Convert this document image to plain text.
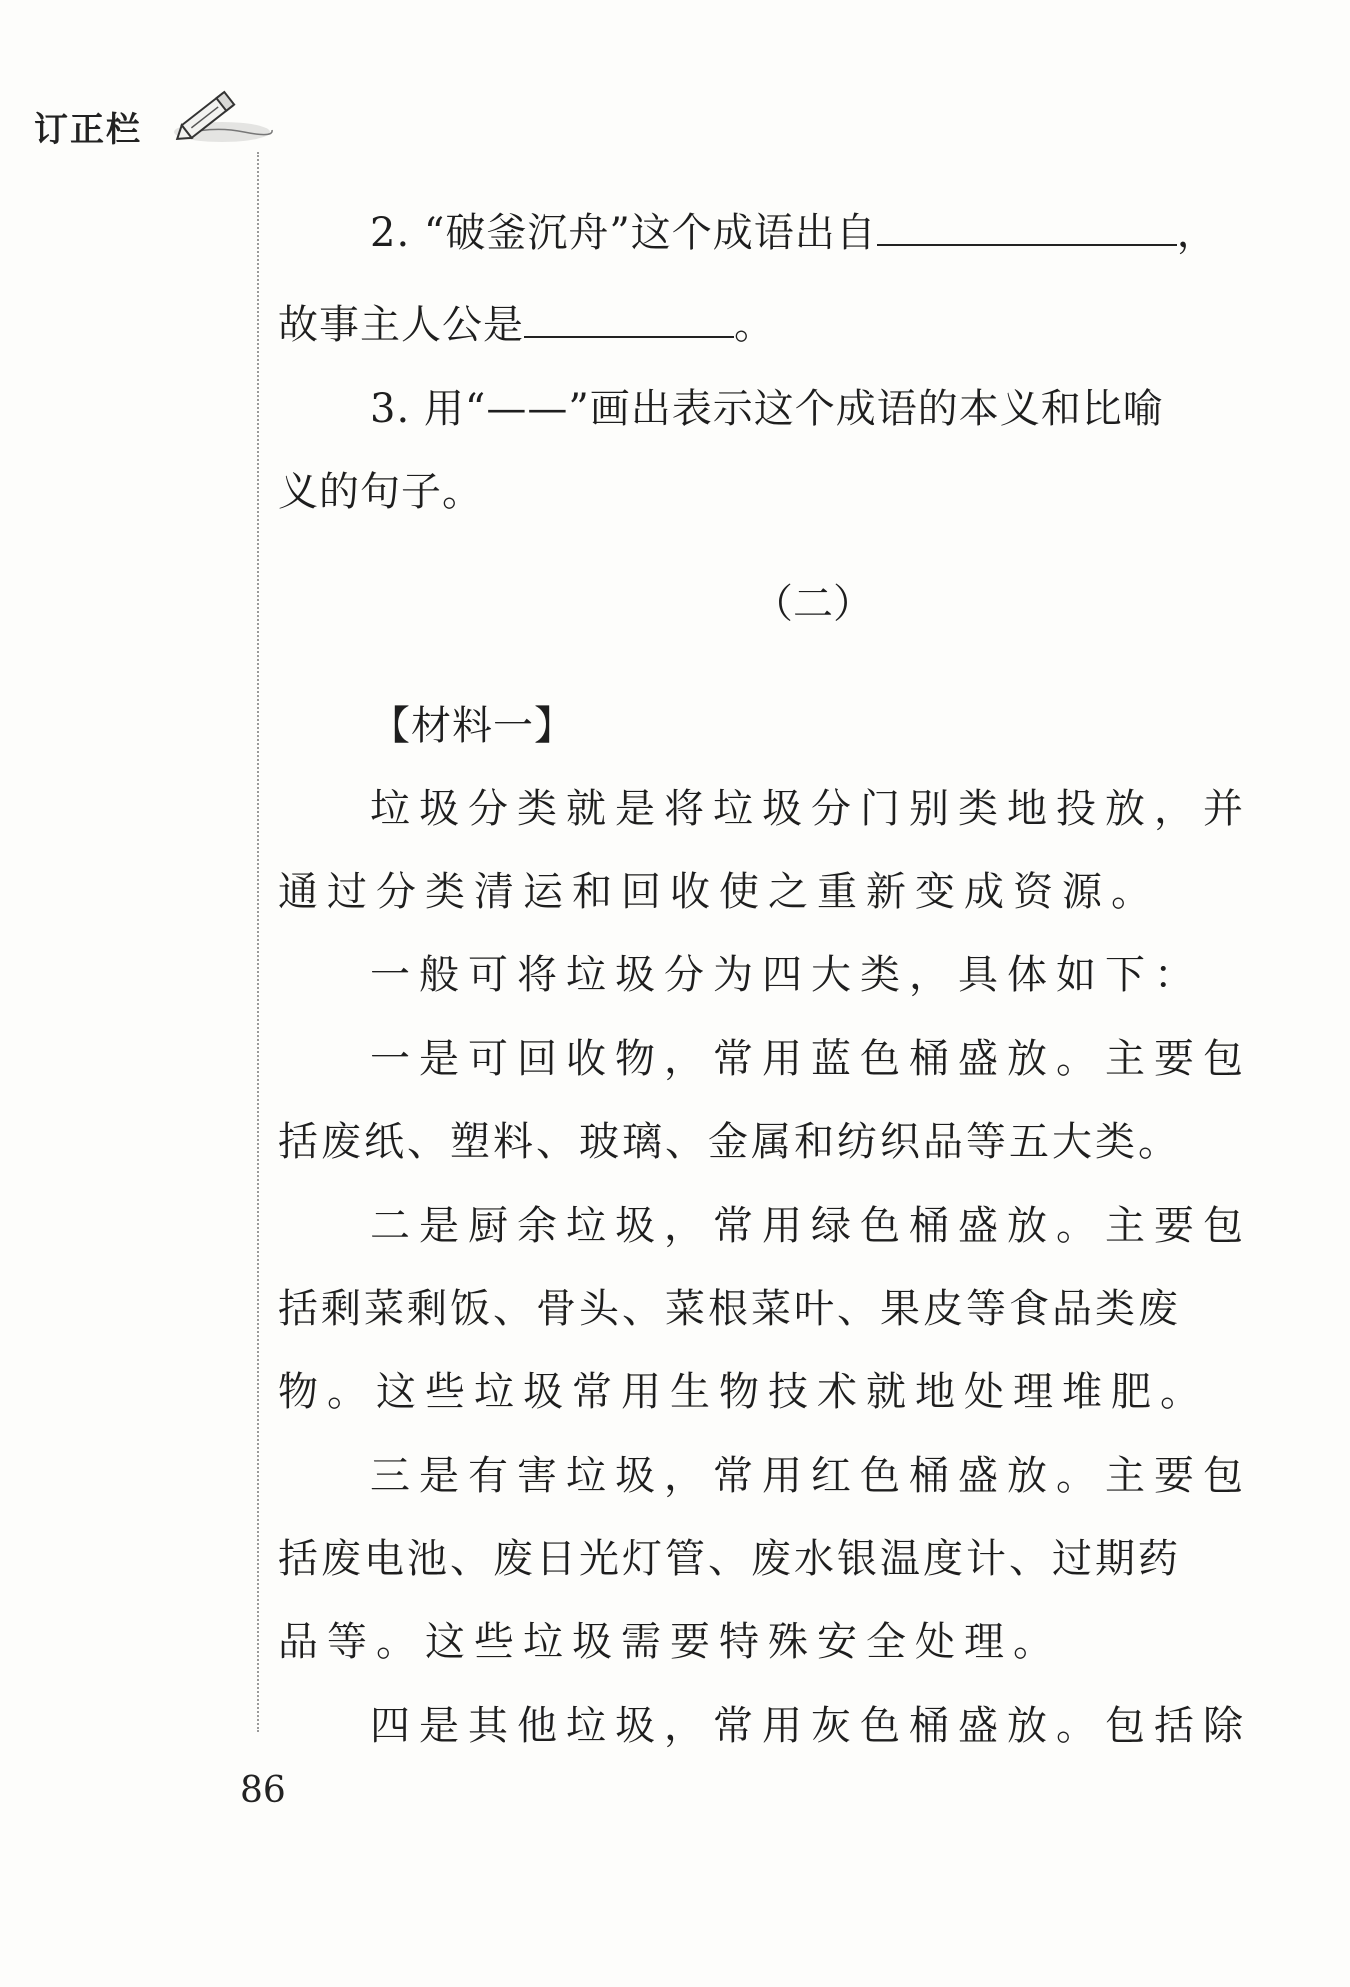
订正栏
2. “破釜沉舟”这个成语出自	，
故事主人公是	。
3. 用“——”画出表示这个成语的本义和比喻
义的句子。
（二）
【材料一】
垃圾分类就是将垃圾分门别类地投放，并
通过分类清运和回收使之重新变成资源。
一般可将垃圾分为四大类，具体如下：
一是可回收物，常用蓝色桶盛放。主要包
括废纸、塑料、玻璃、金属和纺织品等五大类。
二是厨余垃圾，常用绿色桶盛放。主要包
括剩菜剩饭、骨头、菜根菜叶、果皮等食品类废
物。这些垃圾常用生物技术就地处理堆肥。
三是有害垃圾，常用红色桶盛放。主要包
括废电池、废日光灯管、废水银温度计、过期药
品等。这些垃圾需要特殊安全处理。
四是其他垃圾，常用灰色桶盛放。包括除
86
